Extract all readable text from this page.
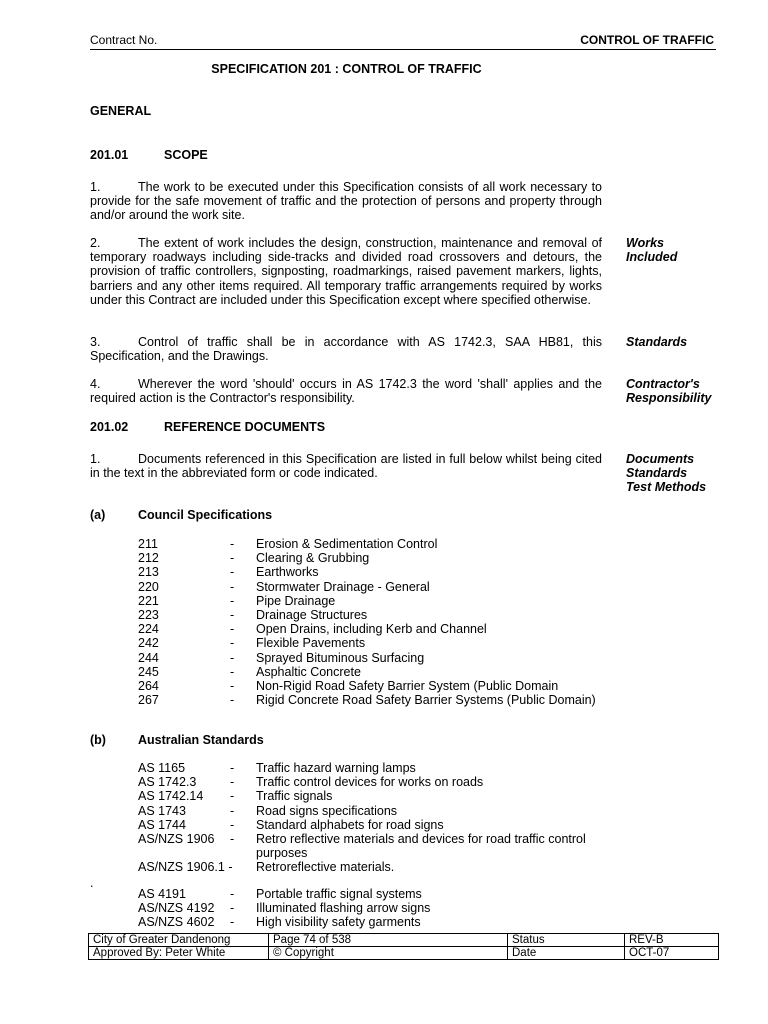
Contract No.	CONTROL OF TRAFFIC
SPECIFICATION 201 : CONTROL OF TRAFFIC
GENERAL
201.01	SCOPE
1.	The work to be executed under this Specification consists of all work necessary to provide for the safe movement of traffic and the protection of persons and property through and/or around the work site.
2.	The extent of work includes the design, construction, maintenance and removal of temporary roadways including side-tracks and divided road crossovers and detours, the provision of traffic controllers, signposting, roadmarkings, raised pavement markers, lights, barriers and any other items required. All temporary traffic arrangements required by works under this Contract are included under this Specification except where specified otherwise.
Works
Included
3.	Control of traffic shall be in accordance with AS 1742.3, SAA HB81, this Specification, and the Drawings.
Standards
4.	Wherever the word 'should' occurs in AS 1742.3 the word 'shall' applies and the required action is the Contractor's responsibility.
Contractor's
Responsibility
201.02	REFERENCE DOCUMENTS
1.	Documents referenced in this Specification are listed in full below whilst being cited in the text in the abbreviated form or code indicated.
Documents
Standards
Test Methods
(a)	Council Specifications
211	-	Erosion & Sedimentation Control
212	-	Clearing & Grubbing
213	-	Earthworks
220	-	Stormwater Drainage - General
221	-	Pipe Drainage
223	-	Drainage Structures
224	-	Open Drains, including Kerb and Channel
242	-	Flexible Pavements
244	-	Sprayed Bituminous Surfacing
245	-	Asphaltic Concrete
264	-	Non-Rigid Road Safety Barrier System (Public Domain
267	-	Rigid Concrete Road Safety Barrier Systems (Public Domain)
(b)	Australian Standards
AS 1165	-	Traffic hazard warning lamps
AS 1742.3	-	Traffic control devices for works on roads
AS 1742.14	-	Traffic signals
AS 1743	-	Road signs specifications
AS 1744	-	Standard alphabets for road signs
AS/NZS 1906	-	Retro reflective materials and devices for road traffic control purposes
AS/NZS 1906.1 - Retroreflective materials.
.
AS 4191	-	Portable traffic signal systems
AS/NZS 4192	-	Illuminated flashing arrow signs
AS/NZS 4602	-	High visibility safety garments
City of Greater Dandenong	Page 74 of 538	Status	REV-B
Approved By: Peter White	© Copyright	Date	OCT-07
